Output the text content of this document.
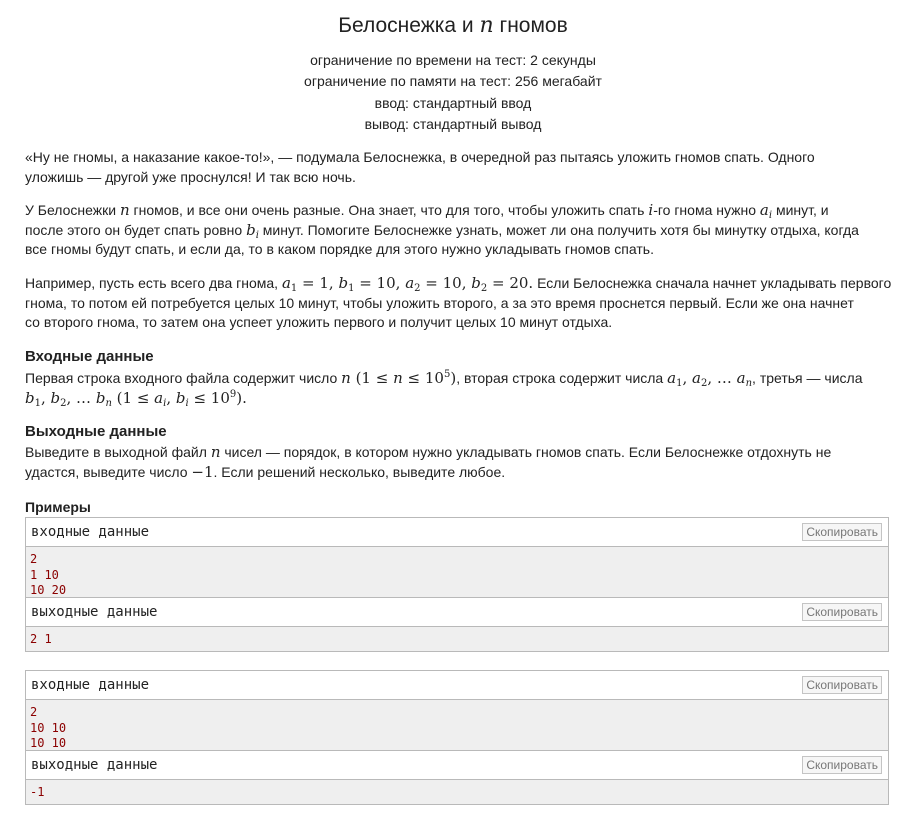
Белоснежка и n гномов
ограничение по времени на тест: 2 секунды
ограничение по памяти на тест: 256 мегабайт
ввод: стандартный ввод
вывод: стандартный вывод
«Ну не гномы, а наказание какое-то!», — подумала Белоснежка, в очередной раз пытаясь уложить гномов спать. Одного
уложишь — другой уже проснулся! И так всю ночь.
У Белоснежки n гномов, и все они очень разные. Она знает, что для того, чтобы уложить спать i-го гнома нужно $a_i$ минут, и
после этого он будет спать ровно $b_i$ минут. Помогите Белоснежке узнать, может ли она получить хотя бы минутку отдыха, когда
все гномы будут спать, и если да, то в каком порядке для этого нужно укладывать гномов спать.
Например, пусть есть всего два гнома, $a_1 = 1$, $b_1 = 10$, $a_2 = 10$, $b_2 = 20$. Если Белоснежка сначала начнет укладывать первого
гнома, то потом ей потребуется целых 10 минут, чтобы уложить второго, а за это время проснется первый. Если же она начнет
со второго гнома, то затем она успеет уложить первого и получит целых 10 минут отдыха.
Входные данные
Первая строка входного файла содержит число n $(1 \le n \le 10^5)$, вторая строка содержит числа $a_1$, $a_2$, … $a_n$, третья — числа
$b_1$, $b_2$, … $b_n$ ($1 \le a_i$, $b_i \le 10^9$).
Выходные данные
Выведите в выходной файл n чисел — порядок, в котором нужно укладывать гномов спать. Если Белоснежке отдохнуть не
удастся, выведите число −1. Если решений несколько, выведите любое.
Примеры
входные данные	Скопировать
2
1 10
10 20
выходные данные	Скопировать
2 1
входные данные	Скопировать
2
10 10
10 10
выходные данные	Скопировать
-1
